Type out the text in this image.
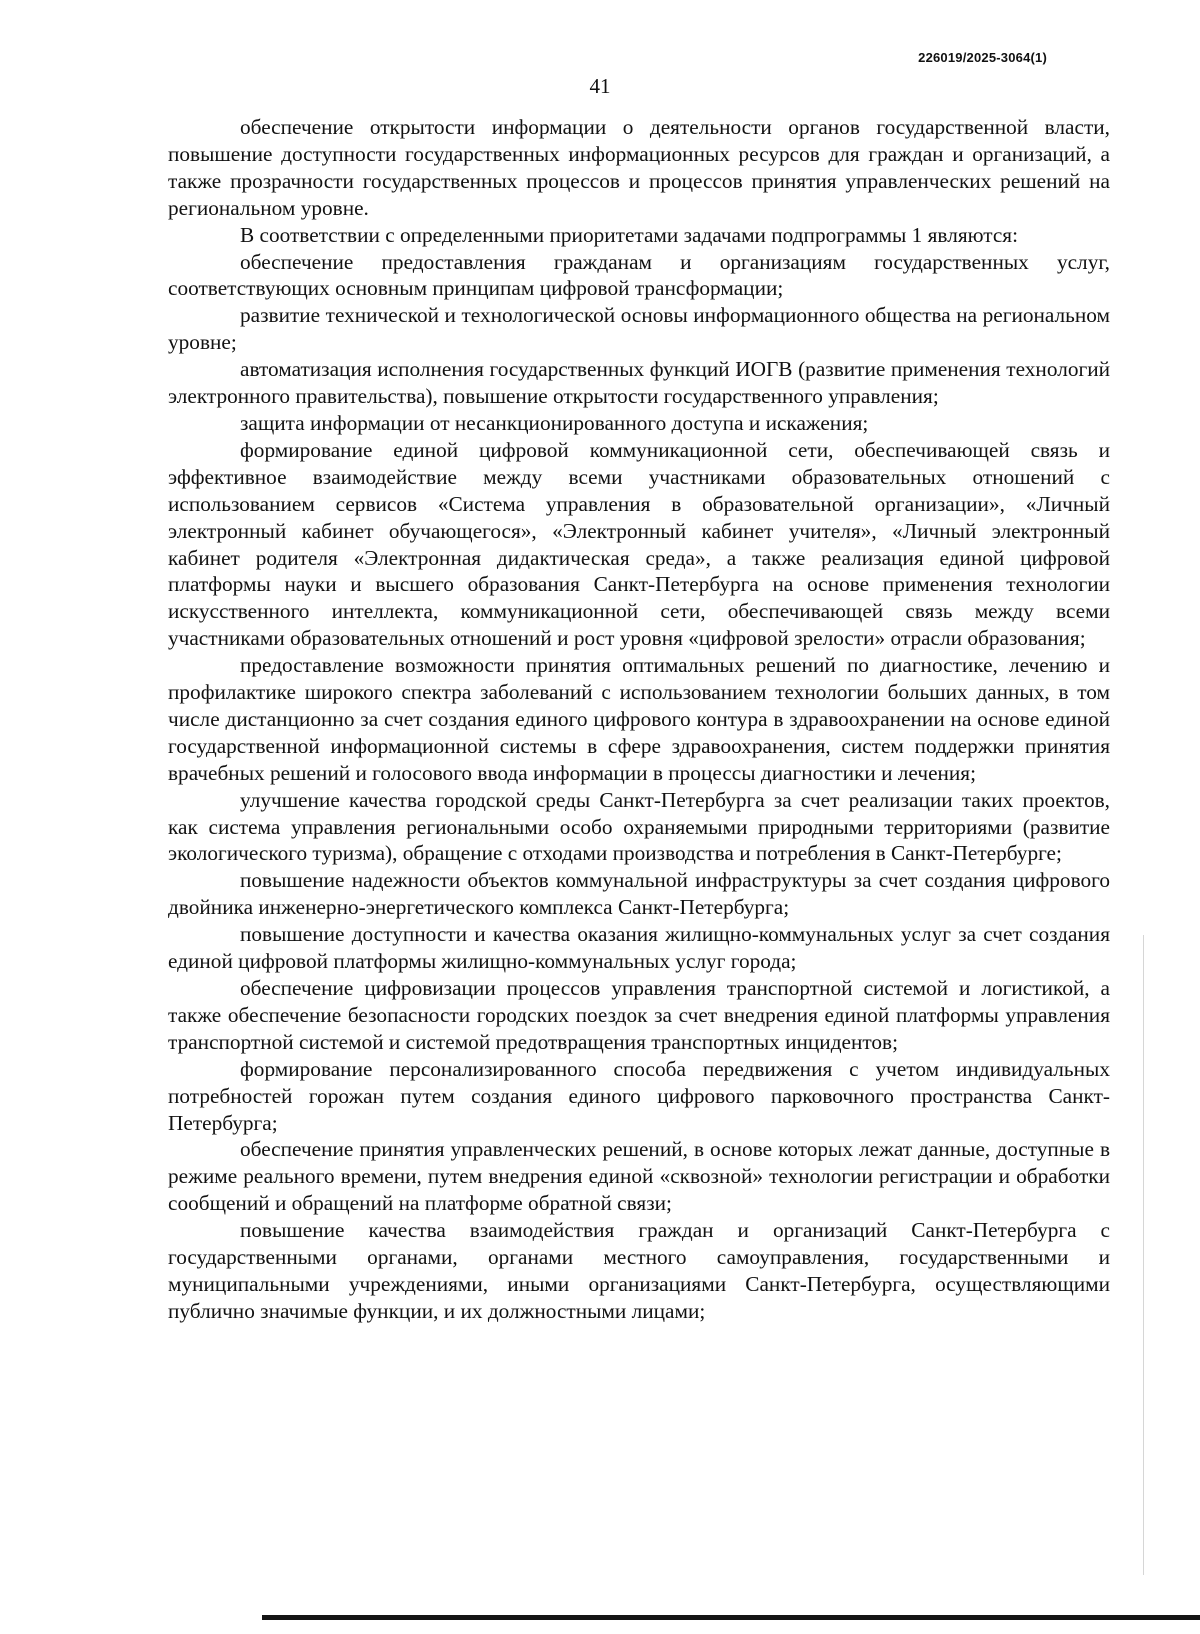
226019/2025-3064(1)
41

обеспечение открытости информации о деятельности органов государственной власти, повышение доступности государственных информационных ресурсов для граждан и организаций, а также прозрачности государственных процессов и процессов принятия управленческих решений на региональном уровне.

В соответствии с определенными приоритетами задачами подпрограммы 1 являются:

обеспечение предоставления гражданам и организациям государственных услуг, соответствующих основным принципам цифровой трансформации;

развитие технической и технологической основы информационного общества на региональном уровне;

автоматизация исполнения государственных функций ИОГВ (развитие применения технологий электронного правительства), повышение открытости государственного управления;

защита информации от несанкционированного доступа и искажения;

формирование единой цифровой коммуникационной сети, обеспечивающей связь и эффективное взаимодействие между всеми участниками образовательных отношений с использованием сервисов «Система управления в образовательной организации», «Личный электронный кабинет обучающегося», «Электронный кабинет учителя», «Личный электронный кабинет родителя «Электронная дидактическая среда», а также реализация единой цифровой платформы науки и высшего образования Санкт-Петербурга на основе применения технологии искусственного интеллекта, коммуникационной сети, обеспечивающей связь между всеми участниками образовательных отношений и рост уровня «цифровой зрелости» отрасли образования;

предоставление возможности принятия оптимальных решений по диагностике, лечению и профилактике широкого спектра заболеваний с использованием технологии больших данных, в том числе дистанционно за счет создания единого цифрового контура в здравоохранении на основе единой государственной информационной системы в сфере здравоохранения, систем поддержки принятия врачебных решений и голосового ввода информации в процессы диагностики и лечения;

улучшение качества городской среды Санкт-Петербурга за счет реализации таких проектов, как система управления региональными особо охраняемыми природными территориями (развитие экологического туризма), обращение с отходами производства и потребления в Санкт-Петербурге;

повышение надежности объектов коммунальной инфраструктуры за счет создания цифрового двойника инженерно-энергетического комплекса Санкт-Петербурга;

повышение доступности и качества оказания жилищно-коммунальных услуг за счет создания единой цифровой платформы жилищно-коммунальных услуг города;

обеспечение цифровизации процессов управления транспортной системой и логистикой, а также обеспечение безопасности городских поездок за счет внедрения единой платформы управления транспортной системой и системой предотвращения транспортных инцидентов;

формирование персонализированного способа передвижения с учетом индивидуальных потребностей горожан путем создания единого цифрового парковочного пространства Санкт-Петербурга;

обеспечение принятия управленческих решений, в основе которых лежат данные, доступные в режиме реального времени, путем внедрения единой «сквозной» технологии регистрации и обработки сообщений и обращений на платформе обратной связи;

повышение качества взаимодействия граждан и организаций Санкт-Петербурга с государственными органами, органами местного самоуправления, государственными и муниципальными учреждениями, иными организациями Санкт-Петербурга, осуществляющими публично значимые функции, и их должностными лицами;
